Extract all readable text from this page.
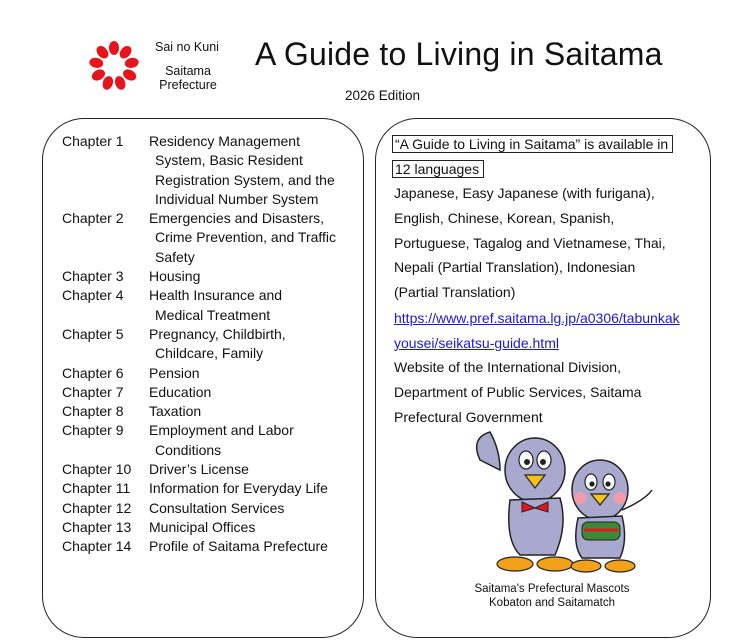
Sai no Kuni
Saitama
Prefecture
A Guide to Living in Saitama
2026 Edition
Chapter 1	Residency Management
System, Basic Resident
Registration System, and the
Individual Number System
Chapter 2	Emergencies and Disasters,
Crime Prevention, and Traffic
Safety
Chapter 3	Housing
Chapter 4	Health Insurance and
Medical Treatment
Chapter 5	Pregnancy, Childbirth,
Childcare, Family
Chapter 6	Pension
Chapter 7	Education
Chapter 8	Taxation
Chapter 9	Employment and Labor
Conditions
Chapter 10	Driver’s License
Chapter 11	Information for Everyday Life
Chapter 12	Consultation Services
Chapter 13	Municipal Offices
Chapter 14	Profile of Saitama Prefecture
“A Guide to Living in Saitama” is available in
12 languages
Japanese, Easy Japanese (with furigana),
English, Chinese, Korean, Spanish,
Portuguese, Tagalog and Vietnamese, Thai,
Nepali (Partial Translation), Indonesian
(Partial Translation)
https://www.pref.saitama.lg.jp/a0306/tabunkak
yousei/seikatsu-guide.html
Website of the International Division,
Department of Public Services, Saitama
Prefectural Government
Saitama's Prefectural Mascots
Kobaton and Saitamatch
